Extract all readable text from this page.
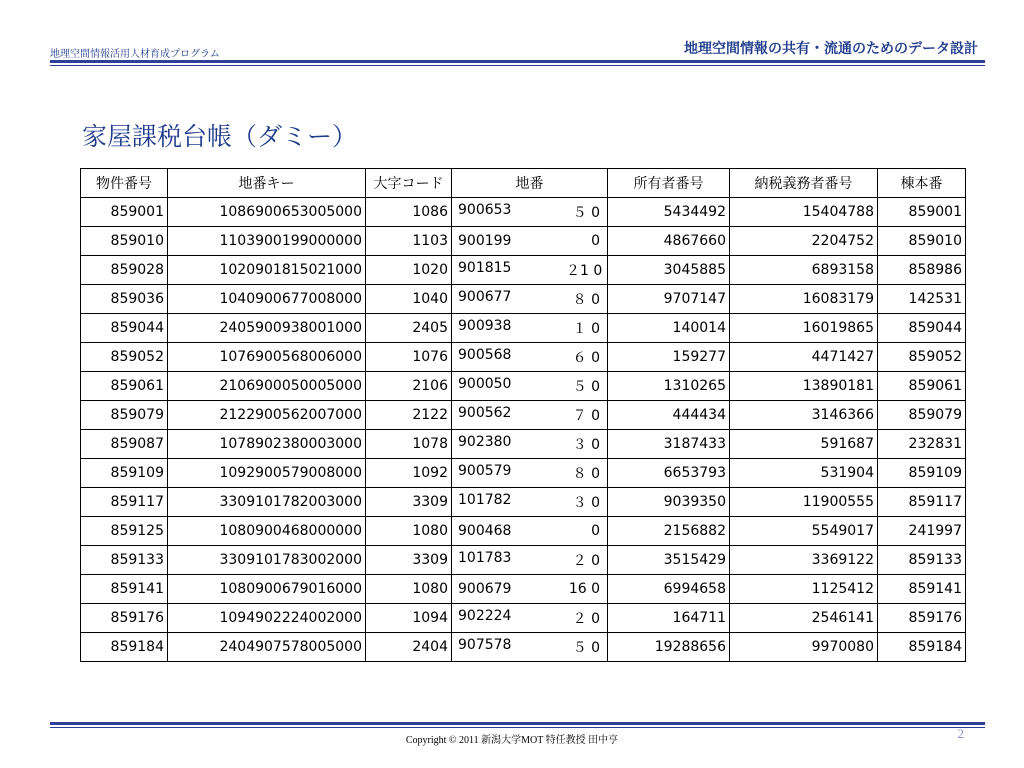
地理空間情報活用人材育成プログラム	地理空間情報の共有・流通のためのデータ設計
家屋課税台帳（ダミー）
物件番号	地番キー	大字コード	地番	所有者番号	納税義務者番号	棟本番
859001	1086900653005000	1086	900653 ５ 0	5434492	15404788	859001
859010	1103900199000000	1103	900199 0	4867660	2204752	859010
859028	1020901815021000	1020	901815 ２1 0	3045885	6893158	858986
859036	1040900677008000	1040	900677 ８ 0	9707147	16083179	142531
859044	2405900938001000	2405	900938 １ 0	140014	16019865	859044
859052	1076900568006000	1076	900568 ６ 0	159277	4471427	859052
859061	2106900050005000	2106	900050 ５ 0	1310265	13890181	859061
859079	2122900562007000	2122	900562 ７ 0	444434	3146366	859079
859087	1078902380003000	1078	902380 ３ 0	3187433	591687	232831
859109	1092900579008000	1092	900579 ８ 0	6653793	531904	859109
859117	3309101782003000	3309	101782 ３ 0	9039350	11900555	859117
859125	1080900468000000	1080	900468 0	2156882	5549017	241997
859133	3309101783002000	3309	101783 ２ 0	3515429	3369122	859133
859141	1080900679016000	1080	900679 16 0	6994658	1125412	859141
859176	1094902224002000	1094	902224 ２ 0	164711	2546141	859176
859184	2404907578005000	2404	907578 ５ 0	19288656	9970080	859184
Copyright © 2011 新潟大学MOT 特任教授 田中亨	2
